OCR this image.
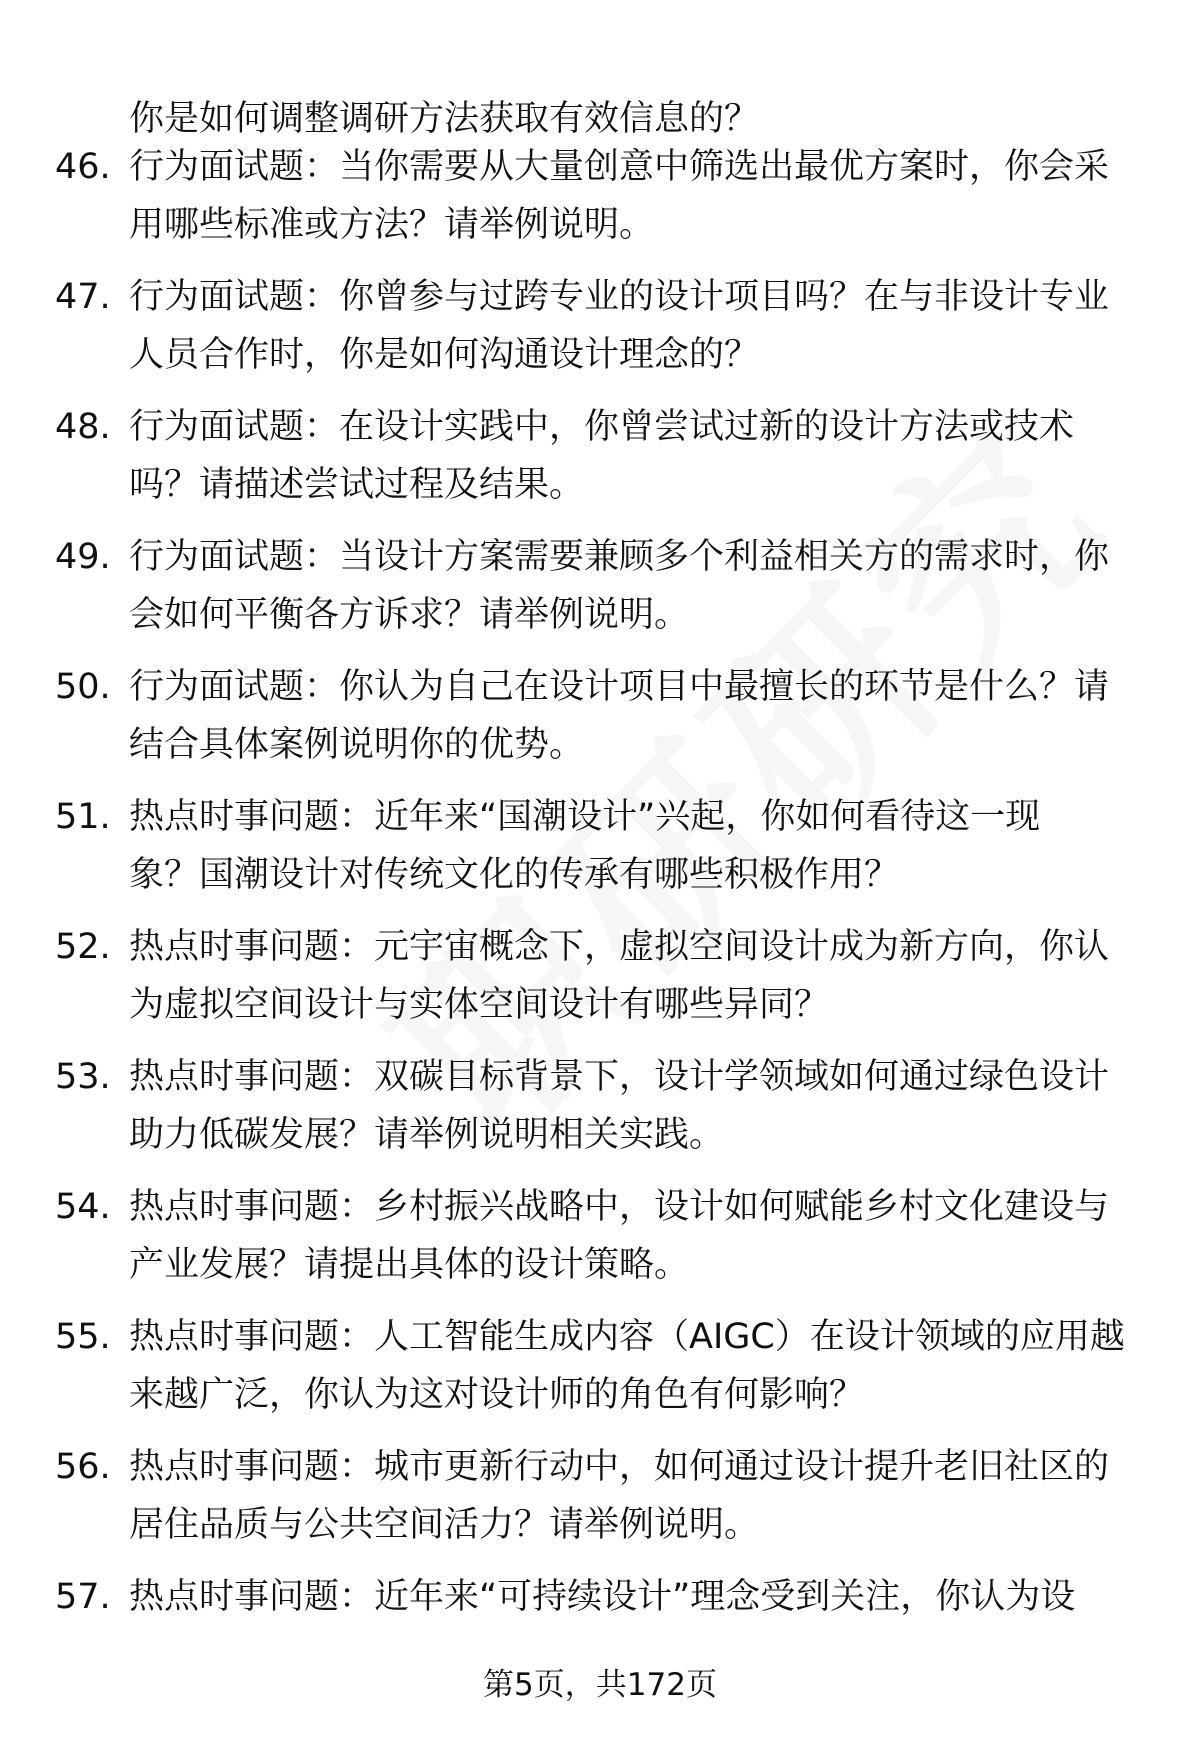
你是如何调整调研方法获取有效信息的？

46. 行为面试题：当你需要从大量创意中筛选出最优方案时，你会采
用哪些标准或方法？请举例说明。

47. 行为面试题：你曾参与过跨专业的设计项目吗？在与非设计专业
人员合作时，你是如何沟通设计理念的？

48. 行为面试题：在设计实践中，你曾尝试过新的设计方法或技术
吗？请描述尝试过程及结果。

49. 行为面试题：当设计方案需要兼顾多个利益相关方的需求时，你
会如何平衡各方诉求？请举例说明。

50. 行为面试题：你认为自己在设计项目中最擅长的环节是什么？请
结合具体案例说明你的优势。

51. 热点时事问题：近年来“国潮设计”兴起，你如何看待这一现
象？国潮设计对传统文化的传承有哪些积极作用？

52. 热点时事问题：元宇宙概念下，虚拟空间设计成为新方向，你认
为虚拟空间设计与实体空间设计有哪些异同？

53. 热点时事问题：双碳目标背景下，设计学领域如何通过绿色设计
助力低碳发展？请举例说明相关实践。

54. 热点时事问题：乡村振兴战略中，设计如何赋能乡村文化建设与
产业发展？请提出具体的设计策略。

55. 热点时事问题：人工智能生成内容（AIGC）在设计领域的应用越
来越广泛，你认为这对设计师的角色有何影响？

56. 热点时事问题：城市更新行动中，如何通过设计提升老旧社区的
居住品质与公共空间活力？请举例说明。

57. 热点时事问题：近年来“可持续设计”理念受到关注，你认为设

第5页，共172页
